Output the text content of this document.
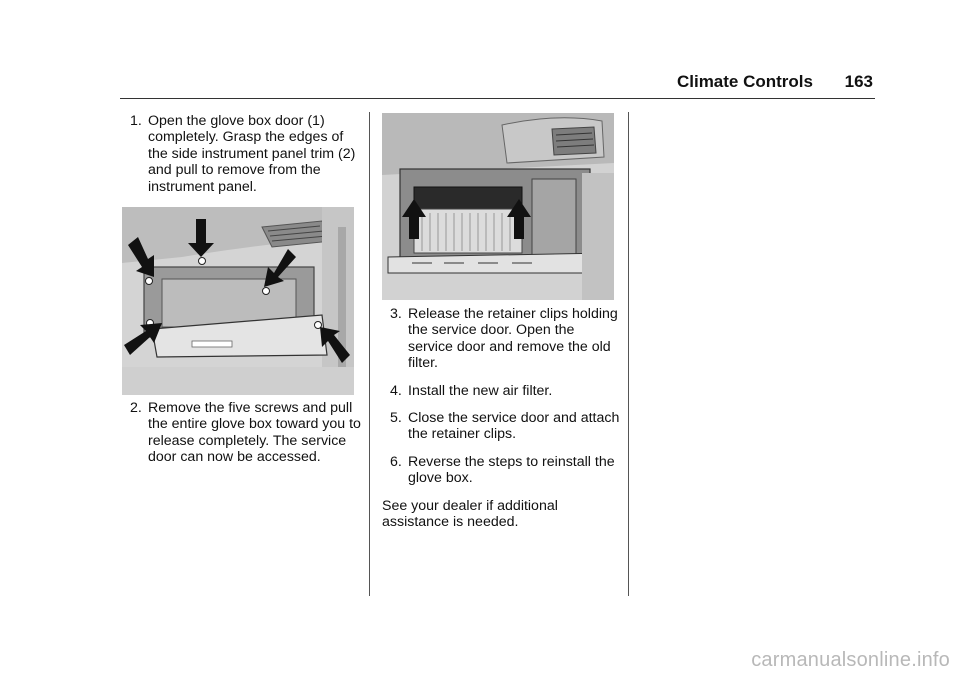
Climate Controls 163
1. Open the glove box door (1) completely. Grasp the edges of the side instrument panel trim (2) and pull to remove from the instrument panel.
2. Remove the five screws and pull the entire glove box toward you to release completely. The service door can now be accessed.
3. Release the retainer clips holding the service door. Open the service door and remove the old filter.
4. Install the new air filter.
5. Close the service door and attach the retainer clips.
6. Reverse the steps to reinstall the glove box.

See your dealer if additional assistance is needed.

carmanualsonline.info
